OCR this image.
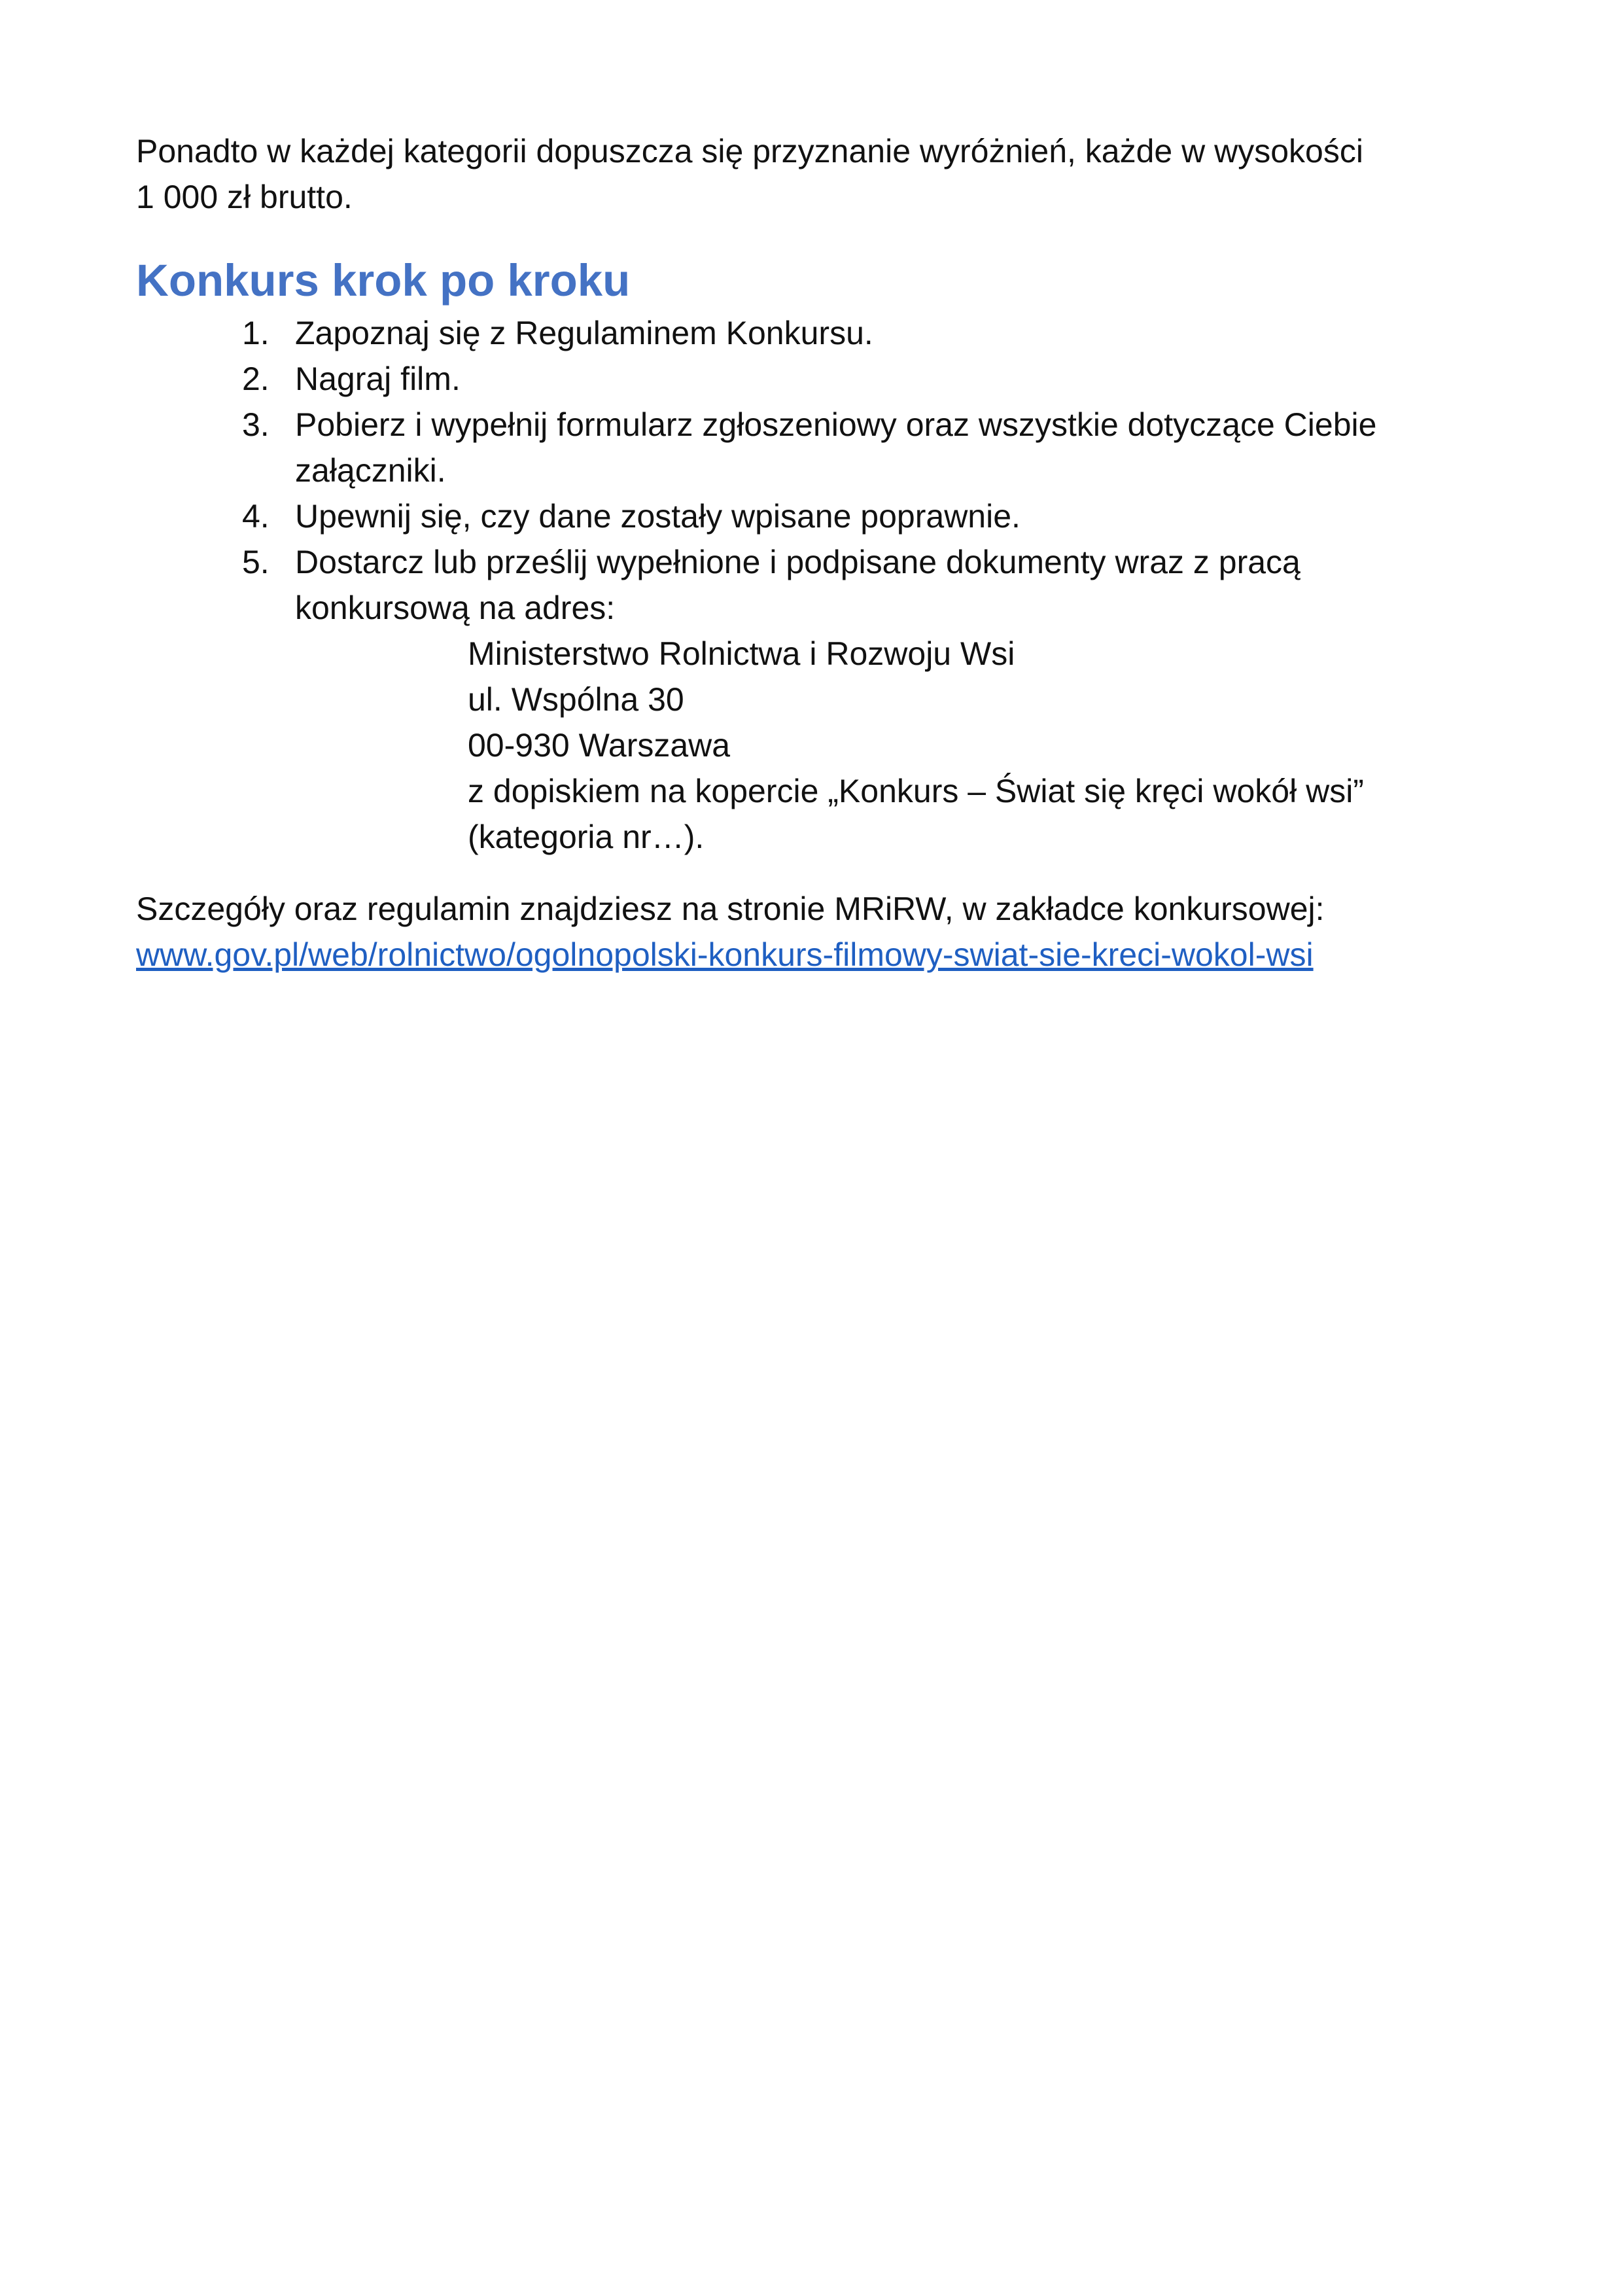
Ponadto w każdej kategorii dopuszcza się przyznanie wyróżnień, każde w wysokości

1 000 zł brutto.

Konkurs krok po kroku
1. Zapoznaj się z Regulaminem Konkursu.
2. Nagraj film.
3. Pobierz i wypełnij formularz zgłoszeniowy oraz wszystkie dotyczące Ciebie
załączniki.
4. Upewnij się, czy dane zostały wpisane poprawnie.
5. Dostarcz lub prześlij wypełnione i podpisane dokumenty wraz z pracą
konkursową na adres:
Ministerstwo Rolnictwa i Rozwoju Wsi
ul. Wspólna 30
00-930 Warszawa
z dopiskiem na kopercie „Konkurs – Świat się kręci wokół wsi”
(kategoria nr…).

Szczegóły oraz regulamin znajdziesz na stronie MRiRW, w zakładce konkursowej:

www.gov.pl/web/rolnictwo/ogolnopolski-konkurs-filmowy-swiat-sie-kreci-wokol-wsi
